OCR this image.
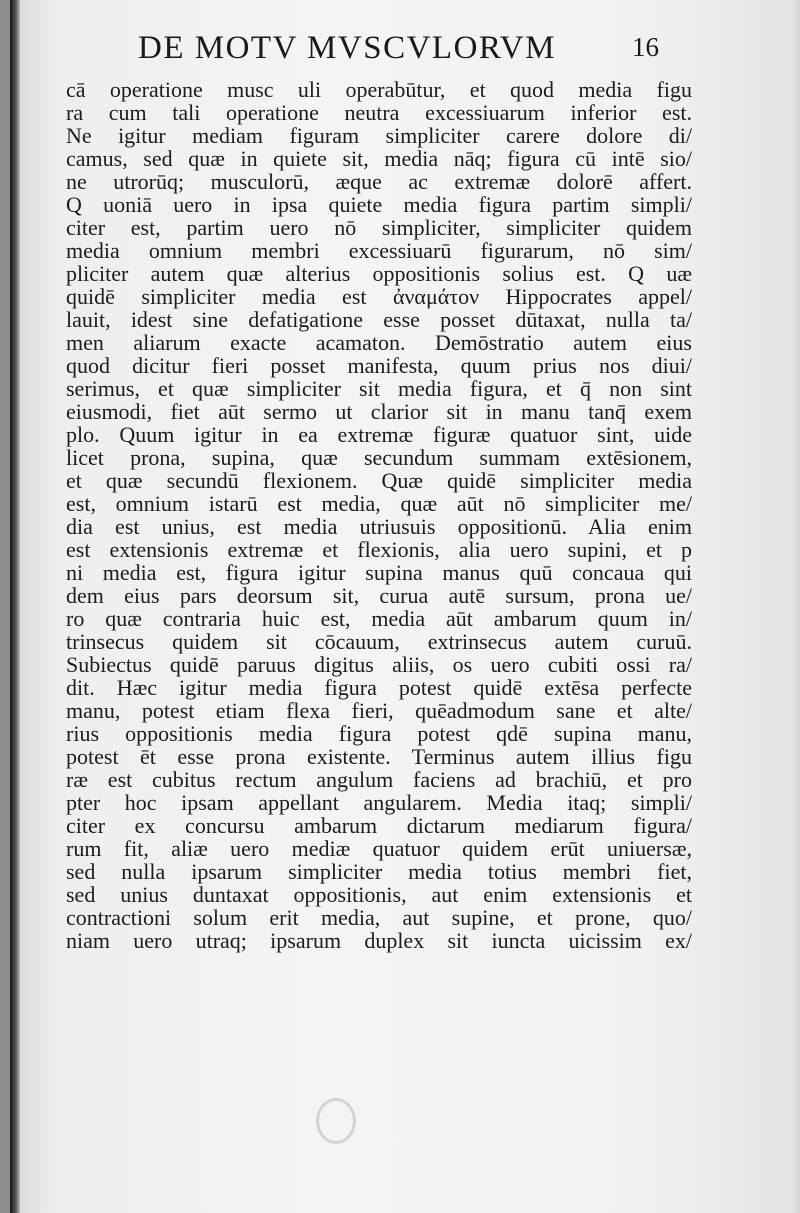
DE MOTV MVSCVLORVM	16
cā operatione musc uli operabūtur, et quod media figu
ra cum tali operatione neutra excessiuarum inferior est.
Ne igitur mediam figuram simpliciter carere dolore di/
camus, sed quæ in quiete sit, media nāq; figura cū intē sio/
ne utrorūq; musculorū, æque ac extremæ dolorē affert.
Q uoniā uero in ipsa quiete media figura partim simpli/
citer est, partim uero nō simpliciter, simpliciter quidem
media omnium membri excessiuarū figurarum, nō sim/
pliciter autem quæ alterius oppositionis solius est. Q uæ
quidē simpliciter media est ἀναμάτον Hippocrates appel/
lauit, idest sine defatigatione esse posset dūtaxat, nulla ta/
men aliarum exacte acamaton. Demōstratio autem eius
quod dicitur fieri posset manifesta, quum prius nos diui/
serimus, et quæ simpliciter sit media figura, et q̄ non sint
eiusmodi, fiet aūt sermo ut clarior sit in manu tanq̄ exem
plo. Quum igitur in ea extremæ figuræ quatuor sint, uide
licet prona, supina, quæ secundum summam extēsionem,
et quæ secundū flexionem. Quæ quidē simpliciter media
est, omnium istarū est media, quæ aūt nō simpliciter me/
dia est unius, est media utriusuis oppositionū. Alia enim
est extensionis extremæ et flexionis, alia uero supini, et p
ni media est, figura igitur supina manus quū concaua qui
dem eius pars deorsum sit, curua autē sursum, prona ue/
ro quæ contraria huic est, media aūt ambarum quum in/
trinsecus quidem sit cōcauum, extrinsecus autem curuū.
Subiectus quidē paruus digitus aliis, os uero cubiti ossi ra/
dit. Hæc igitur media figura potest quidē extēsa perfecte
manu, potest etiam flexa fieri, quēadmodum sane et alte/
rius oppositionis media figura potest qdē supina manu,
potest ēt esse prona existente. Terminus autem illius figu
ræ est cubitus rectum angulum faciens ad brachiū, et pro
pter hoc ipsam appellant angularem. Media itaq; simpli/
citer ex concursu ambarum dictarum mediarum figura/
rum fit, aliæ uero mediæ quatuor quidem erūt uniuersæ,
sed nulla ipsarum simpliciter media totius membri fiet,
sed unius duntaxat oppositionis, aut enim extensionis et
contractioni solum erit media, aut supine, et prone, quo/
niam uero utraq; ipsarum duplex sit iuncta uicissim ex/
